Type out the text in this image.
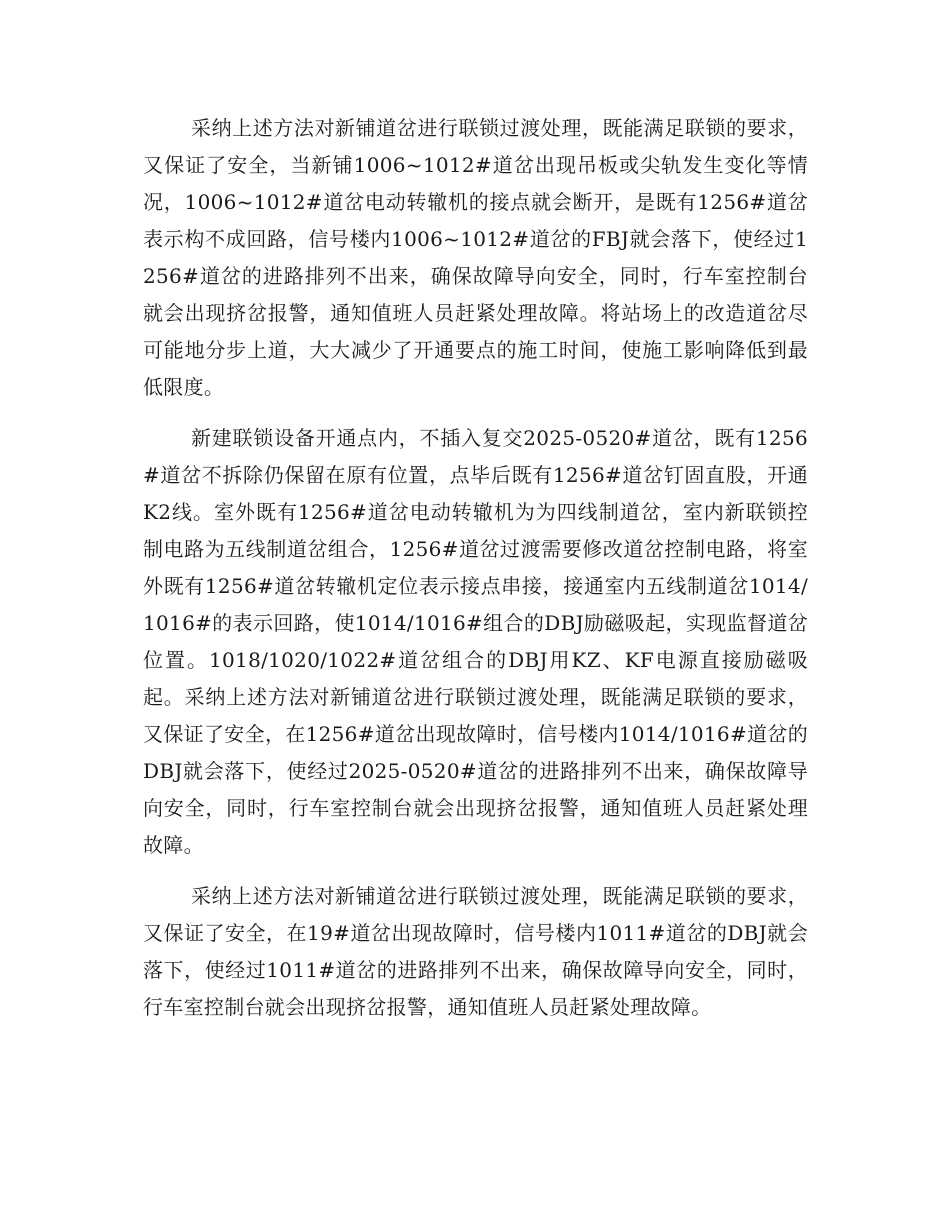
采纳上述方法对新铺道岔进行联锁过渡处理，既能满足联锁的要求，又保证了安全，当新铺1006~1012#道岔出现吊板或尖轨发生变化等情况，1006~1012#道岔电动转辙机的接点就会断开，是既有1256#道岔表示构不成回路，信号楼内1006~1012#道岔的FBJ就会落下，使经过1256#道岔的进路排列不出来，确保故障导向安全，同时，行车室控制台就会出现挤岔报警，通知值班人员赶紧处理故障。将站场上的改造道岔尽可能地分步上道，大大减少了开通要点的施工时间，使施工影响降低到最低限度。

新建联锁设备开通点内，不插入复交2025-0520#道岔，既有1256#道岔不拆除仍保留在原有位置，点毕后既有1256#道岔钉固直股，开通K2线。室外既有1256#道岔电动转辙机为为四线制道岔，室内新联锁控制电路为五线制道岔组合，1256#道岔过渡需要修改道岔控制电路，将室外既有1256#道岔转辙机定位表示接点串接，接通室内五线制道岔1014/1016#的表示回路，使1014/1016#组合的DBJ励磁吸起，实现监督道岔位置。1018/1020/1022#道岔组合的DBJ用KZ、KF电源直接励磁吸起。采纳上述方法对新铺道岔进行联锁过渡处理，既能满足联锁的要求，又保证了安全，在1256#道岔出现故障时，信号楼内1014/1016#道岔的DBJ就会落下，使经过2025-0520#道岔的进路排列不出来，确保故障导向安全，同时，行车室控制台就会出现挤岔报警，通知值班人员赶紧处理故障。

采纳上述方法对新铺道岔进行联锁过渡处理，既能满足联锁的要求，又保证了安全，在19#道岔出现故障时，信号楼内1011#道岔的DBJ就会落下，使经过1011#道岔的进路排列不出来，确保故障导向安全，同时，行车室控制台就会出现挤岔报警，通知值班人员赶紧处理故障。
